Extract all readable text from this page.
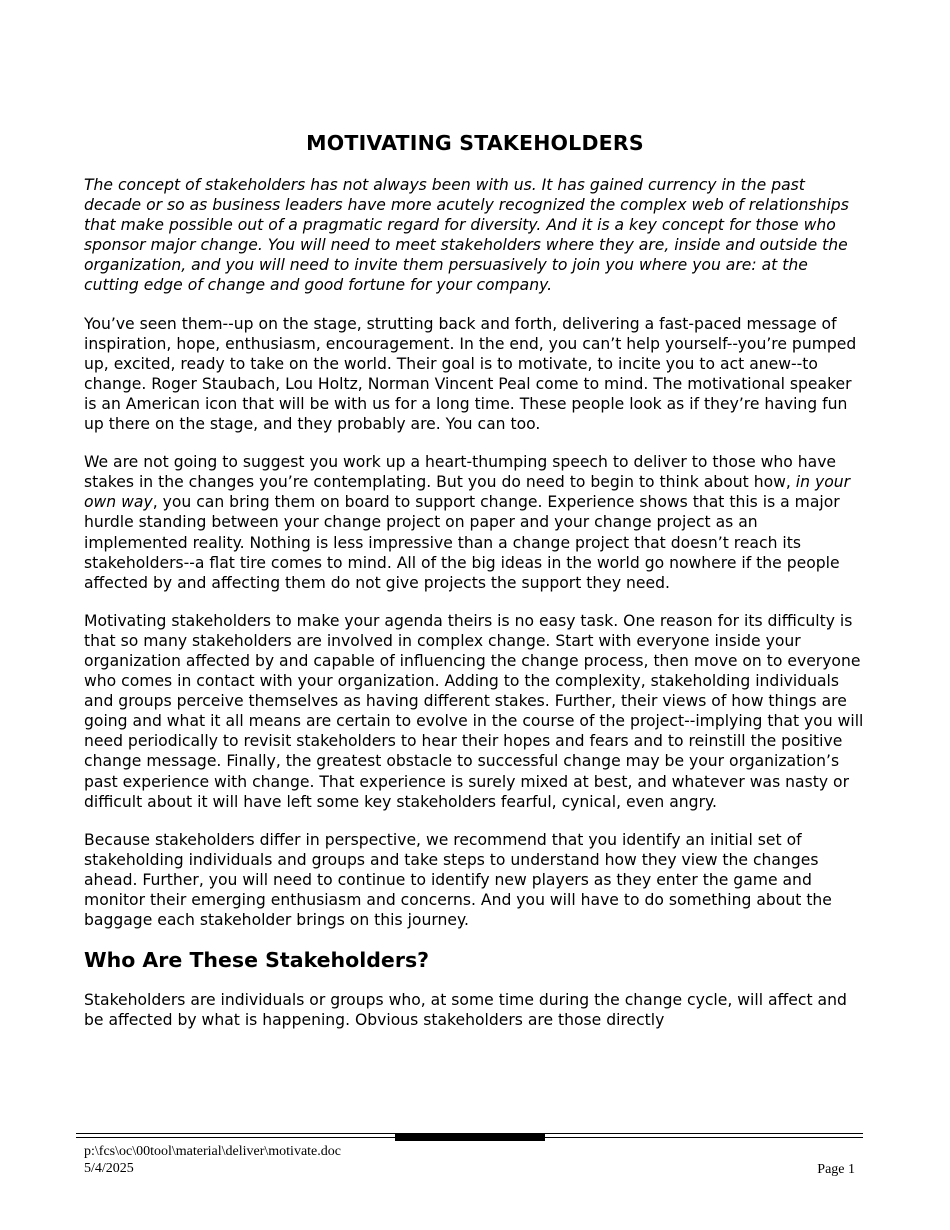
MOTIVATING STAKEHOLDERS

The concept of stakeholders has not always been with us. It has gained currency in the past decade or so as business leaders have more acutely recognized the complex web of relationships that make possible out of a pragmatic regard for diversity. And it is a key concept for those who sponsor major change. You will need to meet stakeholders where they are, inside and outside the organization, and you will need to invite them persuasively to join you where you are: at the cutting edge of change and good fortune for your company.

You’ve seen them--up on the stage, strutting back and forth, delivering a fast-paced message of inspiration, hope, enthusiasm, encouragement. In the end, you can’t help yourself--you’re pumped up, excited, ready to take on the world. Their goal is to motivate, to incite you to act anew--to change. Roger Staubach, Lou Holtz, Norman Vincent Peal come to mind. The motivational speaker is an American icon that will be with us for a long time. These people look as if they’re having fun up there on the stage, and they probably are. You can too.

We are not going to suggest you work up a heart-thumping speech to deliver to those who have stakes in the changes you’re contemplating. But you do need to begin to think about how, in your own way, you can bring them on board to support change. Experience shows that this is a major hurdle standing between your change project on paper and your change project as an implemented reality. Nothing is less impressive than a change project that doesn’t reach its stakeholders--a flat tire comes to mind. All of the big ideas in the world go nowhere if the people affected by and affecting them do not give projects the support they need.

Motivating stakeholders to make your agenda theirs is no easy task. One reason for its difficulty is that so many stakeholders are involved in complex change. Start with everyone inside your organization affected by and capable of influencing the change process, then move on to everyone who comes in contact with your organization. Adding to the complexity, stakeholding individuals and groups perceive themselves as having different stakes. Further, their views of how things are going and what it all means are certain to evolve in the course of the project--implying that you will need periodically to revisit stakeholders to hear their hopes and fears and to reinstill the positive change message. Finally, the greatest obstacle to successful change may be your organization’s past experience with change. That experience is surely mixed at best, and whatever was nasty or difficult about it will have left some key stakeholders fearful, cynical, even angry.

Because stakeholders differ in perspective, we recommend that you identify an initial set of stakeholding individuals and groups and take steps to understand how they view the changes ahead. Further, you will need to continue to identify new players as they enter the game and monitor their emerging enthusiasm and concerns. And you will have to do something about the baggage each stakeholder brings on this journey.

Who Are These Stakeholders?

Stakeholders are individuals or groups who, at some time during the change cycle, will affect and be affected by what is happening. Obvious stakeholders are those directly

p:\fcs\oc\00tool\material\deliver\motivate.doc
5/4/2025	Page 1
